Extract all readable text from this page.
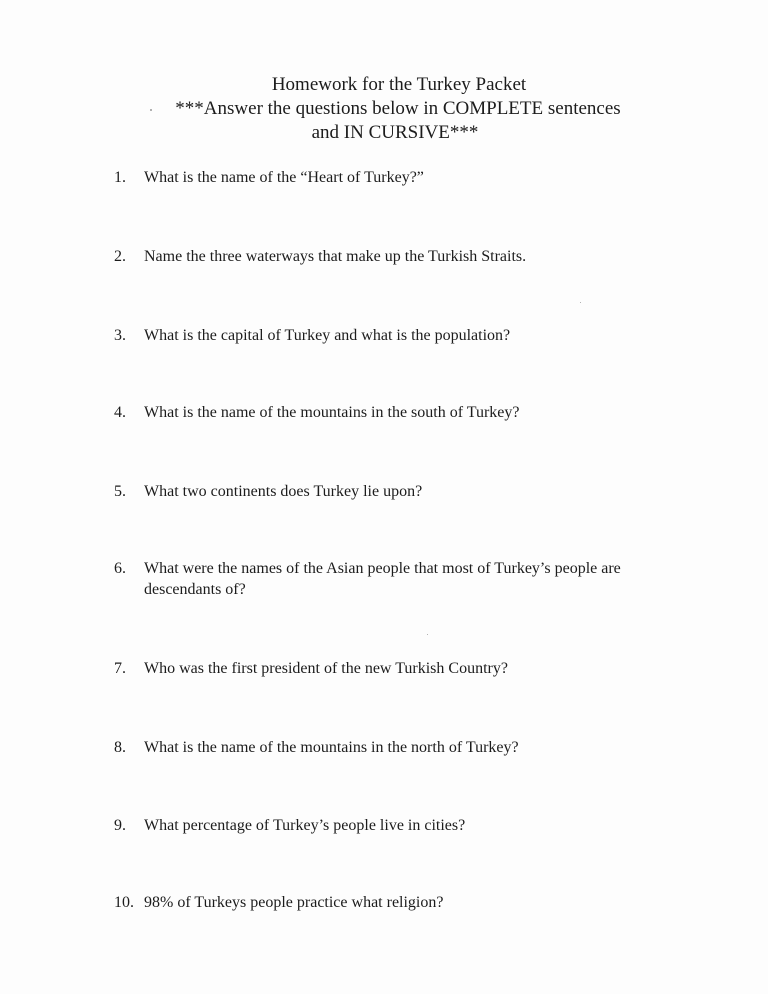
Homework for the Turkey Packet
***Answer the questions below in COMPLETE sentences
and IN CURSIVE***
1. What is the name of the “Heart of Turkey?”
2. Name the three waterways that make up the Turkish Straits.
3. What is the capital of Turkey and what is the population?
4. What is the name of the mountains in the south of Turkey?
5. What two continents does Turkey lie upon?
6. What were the names of the Asian people that most of Turkey’s people are descendants of?
7. Who was the first president of the new Turkish Country?
8. What is the name of the mountains in the north of Turkey?
9. What percentage of Turkey’s people live in cities?
10. 98% of Turkeys people practice what religion?
